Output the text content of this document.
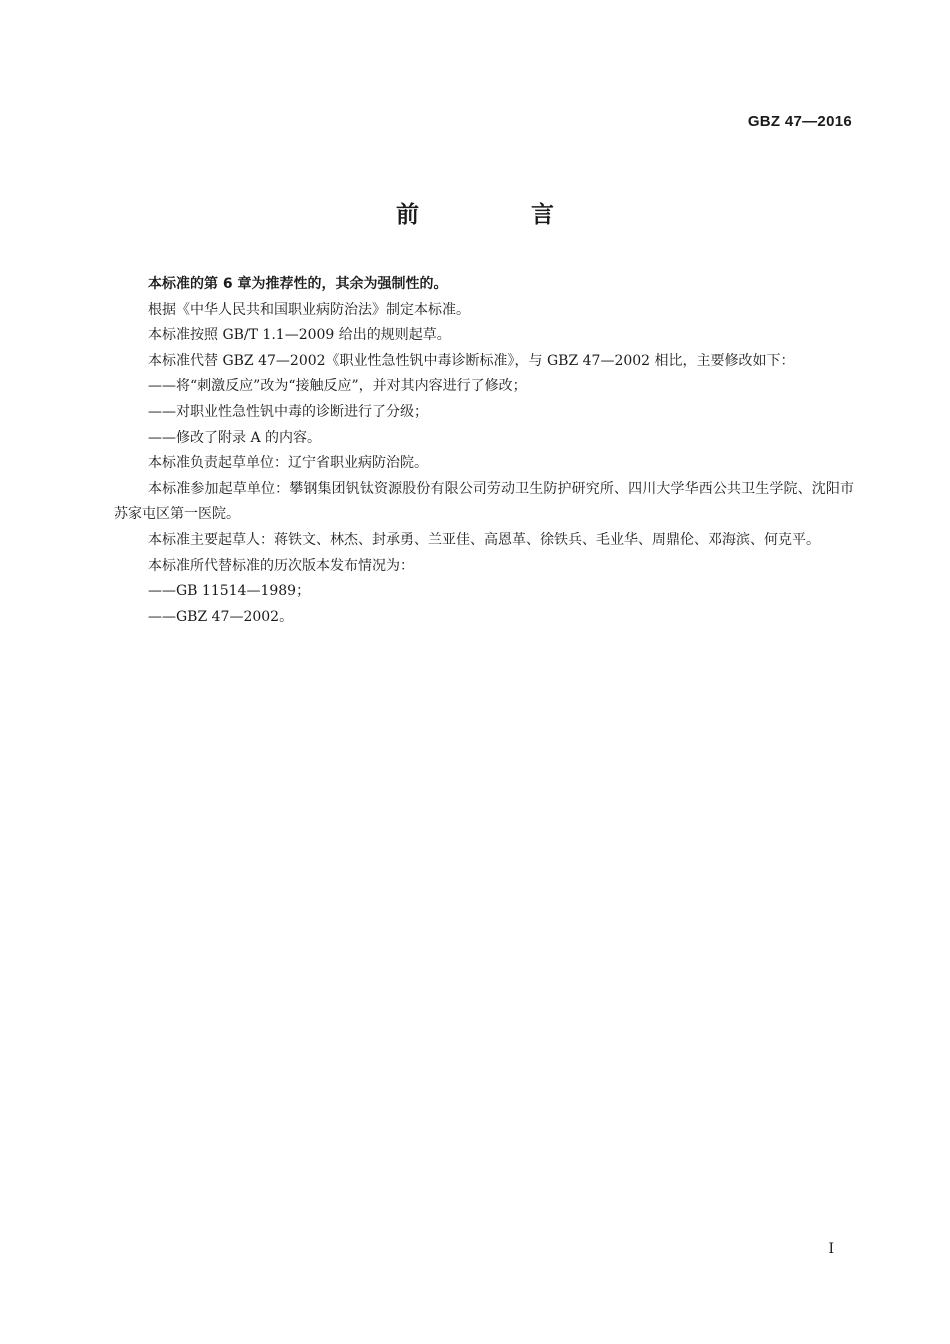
GBZ 47—2016
前 言

本标准的第 6 章为推荐性的，其余为强制性的。

根据《中华人民共和国职业病防治法》制定本标准。

本标准按照 GB/T 1.1—2009 给出的规则起草。

本标准代替 GBZ 47—2002《职业性急性钒中毒诊断标准》，与 GBZ 47—2002 相比，主要修改如下：

——将“刺激反应”改为“接触反应”，并对其内容进行了修改；

——对职业性急性钒中毒的诊断进行了分级；

——修改了附录 A 的内容。

本标准负责起草单位：辽宁省职业病防治院。

本标准参加起草单位：攀钢集团钒钛资源股份有限公司劳动卫生防护研究所、四川大学华西公共卫生学院、沈阳市苏家屯区第一医院。

本标准主要起草人：蒋铁文、林杰、封承勇、兰亚佳、高恩革、徐铁兵、毛业华、周鼎伦、邓海滨、何克平。

本标准所代替标准的历次版本发布情况为：

——GB 11514—1989；

——GBZ 47—2002。

I
